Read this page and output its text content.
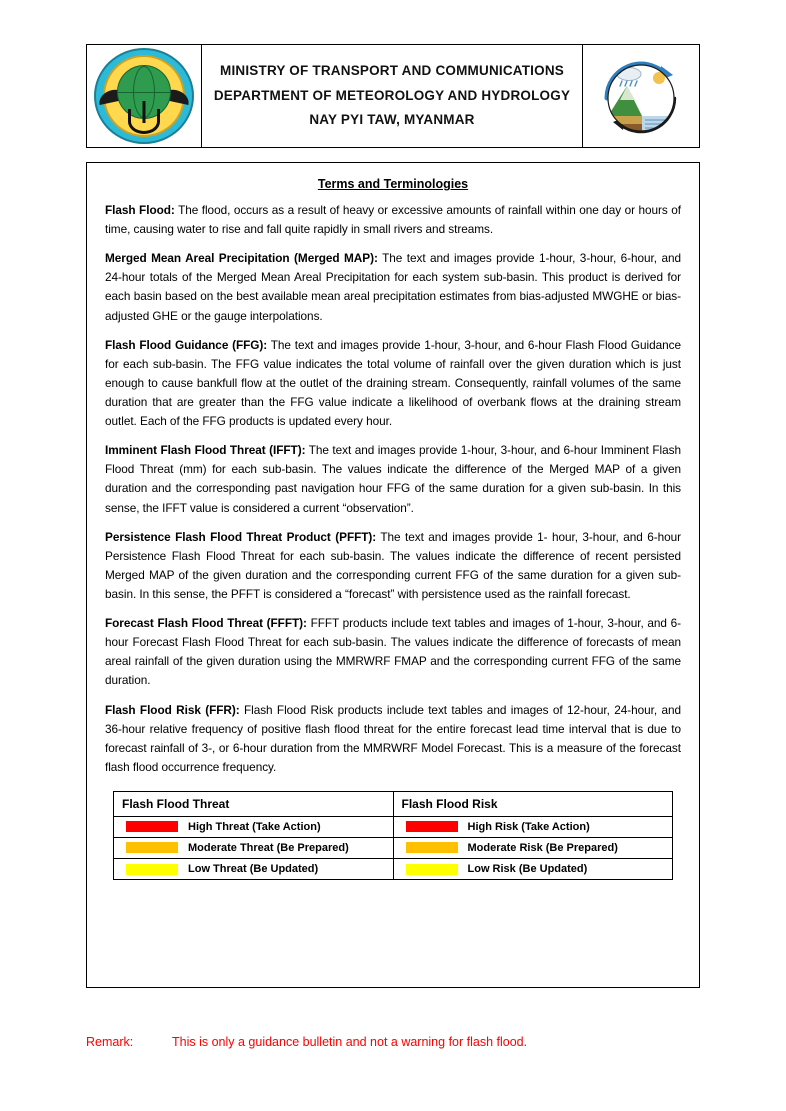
MINISTRY OF TRANSPORT AND COMMUNICATIONS
DEPARTMENT OF METEOROLOGY AND HYDROLOGY
NAY PYI TAW, MYANMAR
Terms and Terminologies

Flash Flood: The flood, occurs as a result of heavy or excessive amounts of rainfall within one day or hours of time, causing water to rise and fall quite rapidly in small rivers and streams.

Merged Mean Areal Precipitation (Merged MAP): The text and images provide 1-hour, 3-hour, 6-hour, and 24-hour totals of the Merged Mean Areal Precipitation for each system sub-basin. This product is derived for each basin based on the best available mean areal precipitation estimates from bias-adjusted MWGHE or bias-adjusted GHE or the gauge interpolations.

Flash Flood Guidance (FFG): The text and images provide 1-hour, 3-hour, and 6-hour Flash Flood Guidance for each sub-basin. The FFG value indicates the total volume of rainfall over the given duration which is just enough to cause bankfull flow at the outlet of the draining stream. Consequently, rainfall volumes of the same duration that are greater than the FFG value indicate a likelihood of overbank flows at the draining stream outlet. Each of the FFG products is updated every hour.

Imminent Flash Flood Threat (IFFT): The text and images provide 1-hour, 3-hour, and 6-hour Imminent Flash Flood Threat (mm) for each sub-basin. The values indicate the difference of the Merged MAP of a given duration and the corresponding past navigation hour FFG of the same duration for a given sub-basin. In this sense, the IFFT value is considered a current “observation”.

Persistence Flash Flood Threat Product (PFFT): The text and images provide 1- hour, 3-hour, and 6-hour Persistence Flash Flood Threat for each sub-basin. The values indicate the difference of recent persisted Merged MAP of the given duration and the corresponding current FFG of the same duration for a given sub-basin. In this sense, the PFFT is considered a “forecast” with persistence used as the rainfall forecast.

Forecast Flash Flood Threat (FFFT): FFFT products include text tables and images of 1-hour, 3-hour, and 6-hour Forecast Flash Flood Threat for each sub-basin. The values indicate the difference of forecasts of mean areal rainfall of the given duration using the MMRWRF FMAP and the corresponding current FFG of the same duration.

Flash Flood Risk (FFR): Flash Flood Risk products include text tables and images of 12-hour, 24-hour, and 36-hour relative frequency of positive flash flood threat for the entire forecast lead time interval that is due to forecast rainfall of 3-, or 6-hour duration from the MMRWRF Model Forecast. This is a measure of the forecast flash flood occurrence frequency.

Flash Flood Threat	Flash Flood Risk
High Threat (Take Action)	High Risk (Take Action)
Moderate Threat (Be Prepared)	Moderate Risk (Be Prepared)
Low Threat (Be Updated)	Low Risk (Be Updated)
Remark:	This is only a guidance bulletin and not a warning for flash flood.
